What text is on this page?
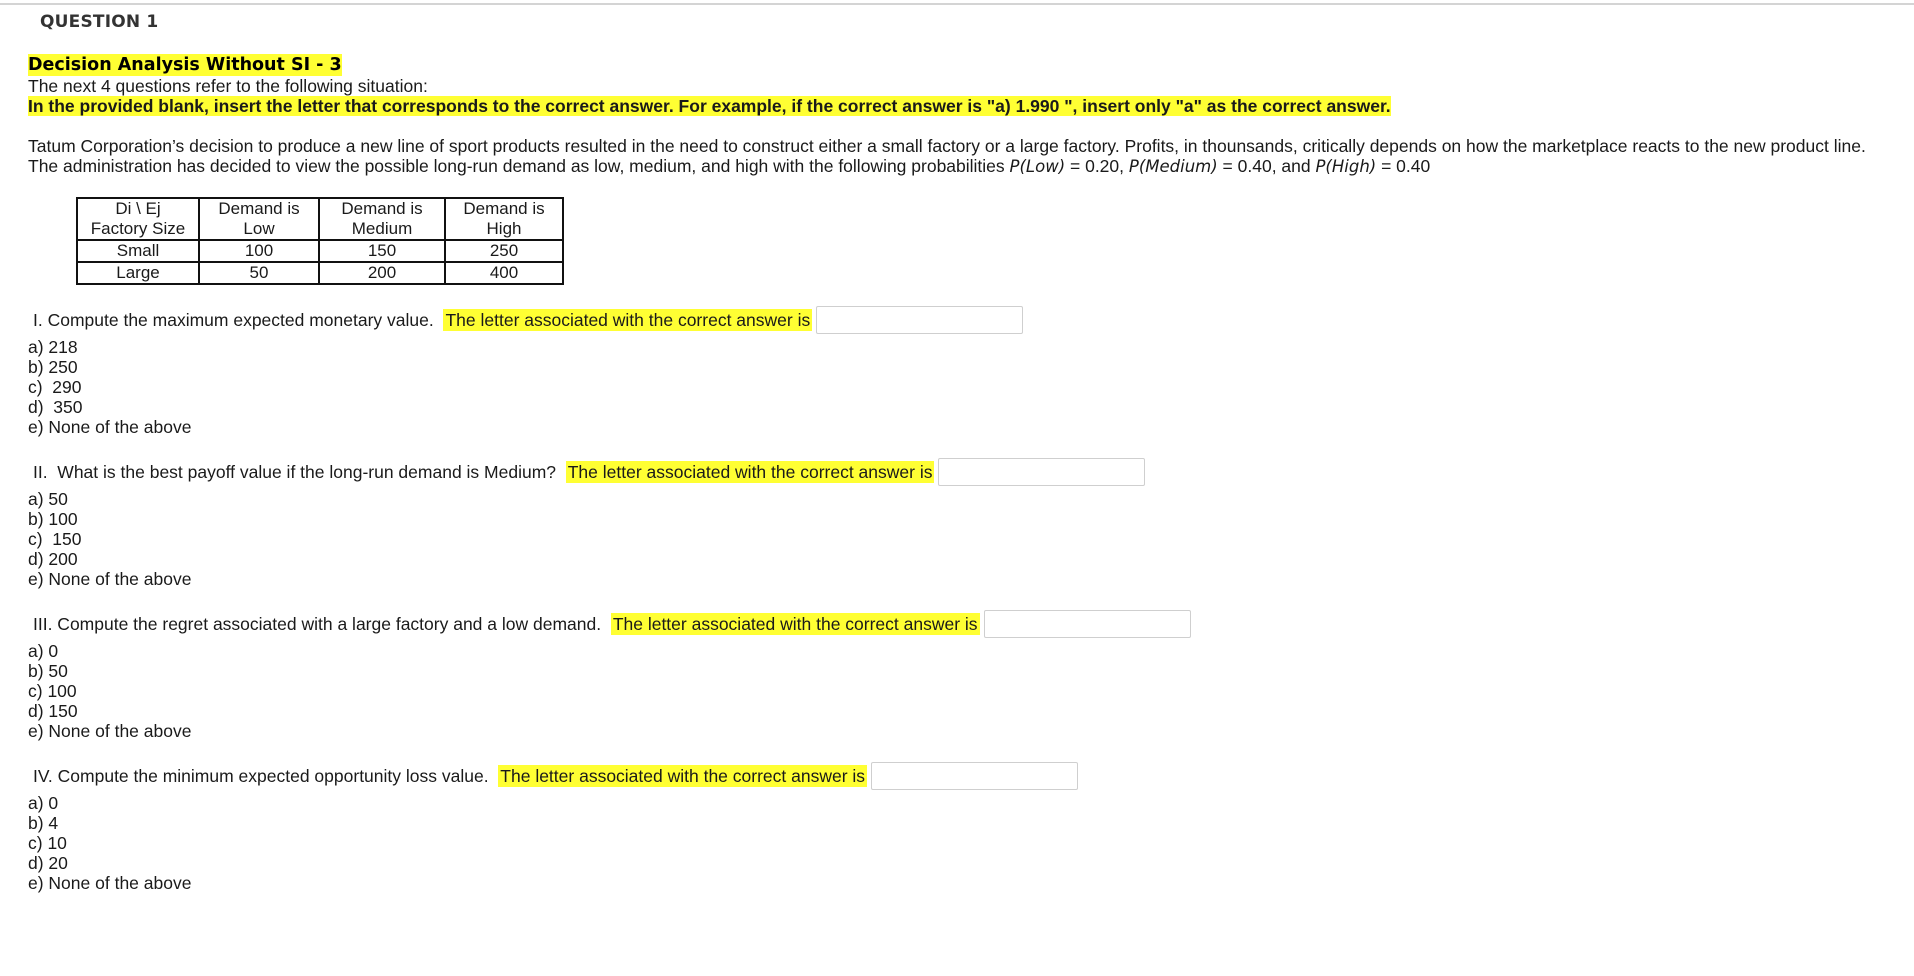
QUESTION 1
Decision Analysis Without SI - 3

The next 4 questions refer to the following situation:

In the provided blank, insert the letter that corresponds to the correct answer. For example, if the correct answer is "a) 1.990 ", insert only "a" as the correct answer.

Tatum Corporation’s decision to produce a new line of sport products resulted in the need to construct either a small factory or a large factory. Profits, in thounsands, critically depends on how the marketplace reacts to the new product line. The administration has decided to view the possible long-run demand as low, medium, and high with the following probabilities P(Low) = 0.20, P(Medium) = 0.40, and P(High) = 0.40

Di \ Ej	Demand is	Demand is	Demand is
Factory Size	Low	Medium	High
Small	100	150	250
Large	50	200	400
I. Compute the maximum expected monetary value. The letter associated with the correct answer is
a) 218
b) 250
c)  290
d)  350
e) None of the above
II.  What is the best payoff value if the long-run demand is Medium? The letter associated with the correct answer is
a) 50
b) 100
c)  150
d) 200
e) None of the above
III. Compute the regret associated with a large factory and a low demand. The letter associated with the correct answer is
a) 0
b) 50
c) 100
d) 150
e) None of the above
IV. Compute the minimum expected opportunity loss value. The letter associated with the correct answer is
a) 0
b) 4
c) 10
d) 20
e) None of the above
